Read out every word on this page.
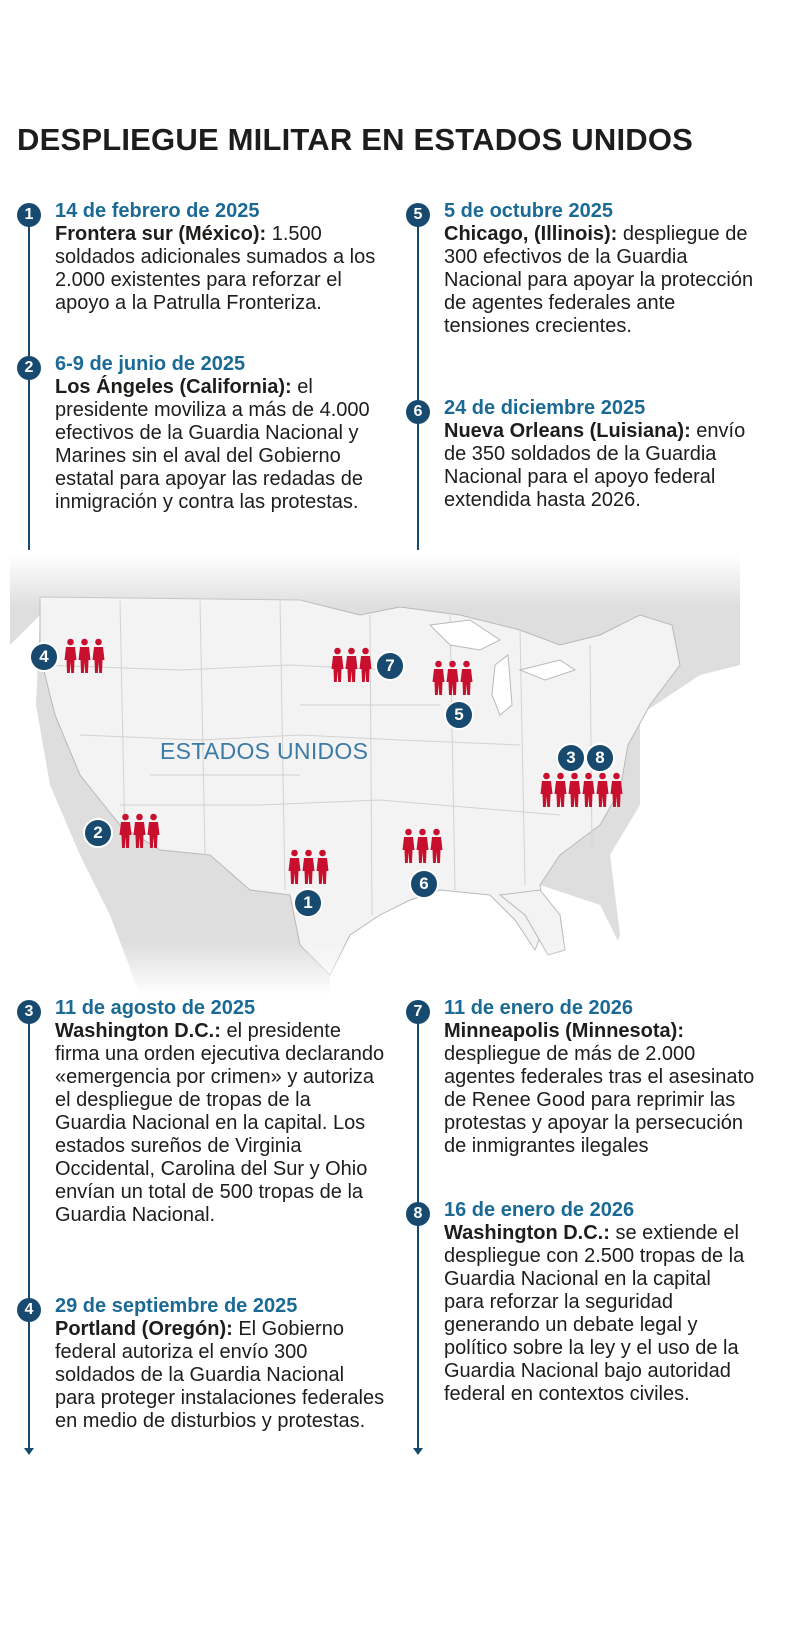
DESPLIEGUE MILITAR EN ESTADOS UNIDOS
1	14 de febrero de 2025
Frontera sur (México): 1.500 soldados adicionales sumados a los 2.000 existentes para reforzar el apoyo a la Patrulla Fronteriza.
2	6-9 de junio de 2025
Los Ángeles (California): el presidente moviliza a más de 4.000 efectivos de la Guardia Nacional y Marines sin el aval del Gobierno estatal para apoyar las redadas de inmigración y contra las protestas.
5	5 de octubre 2025
Chicago, (Illinois): despliegue de 300 efectivos de la Guardia Nacional para apoyar la protección de agentes federales ante tensiones crecientes.
6	24 de diciembre 2025
Nueva Orleans (Luisiana): envío de 350 soldados de la Guardia Nacional para el apoyo federal extendida hasta 2026.
ESTADOS UNIDOS
4	7
5
3	8
2
6
1
3	11 de agosto de 2025
Washington D.C.: el presidente firma una orden ejecutiva declarando «emergencia por crimen» y autoriza el despliegue de tropas de la Guardia Nacional en la capital. Los estados sureños de Virginia Occidental, Carolina del Sur y Ohio envían un total de 500 tropas de la Guardia Nacional.
4	29 de septiembre de 2025
Portland (Oregón): El Gobierno federal autoriza el envío 300 soldados de la Guardia Nacional para proteger instalaciones federales en medio de disturbios y protestas.
7	11 de enero de 2026
Minneapolis (Minnesota): despliegue de más de 2.000 agentes federales tras el asesinato de Renee Good para reprimir las protestas y apoyar la persecución de inmigrantes ilegales
8	16 de enero de 2026
Washington D.C.: se extiende el despliegue con 2.500 tropas de la Guardia Nacional en la capital para reforzar la seguridad generando un debate legal y político sobre la ley y el uso de la Guardia Nacional bajo autoridad federal en contextos civiles.
